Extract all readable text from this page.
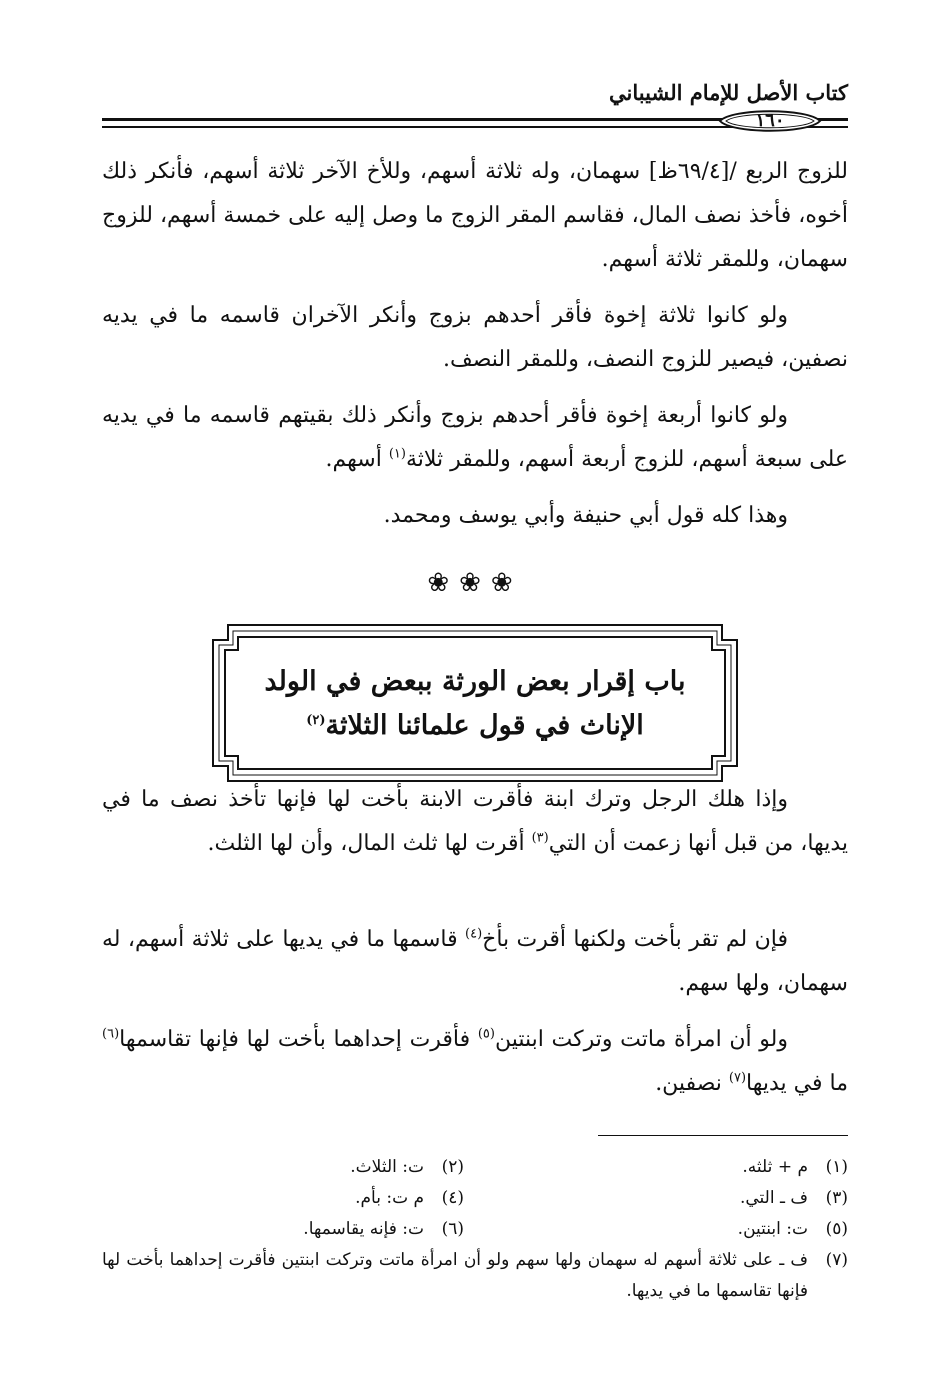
كتاب الأصل للإمام الشيباني
١٦٠

للزوج الربع /[٦٩/٤ظ] سهمان، وله ثلاثة أسهم، وللأخ الآخر ثلاثة أسهم، فأنكر ذلك أخوه، فأخذ نصف المال، فقاسم المقر الزوج ما وصل إليه على خمسة أسهم، للزوج سهمان، وللمقر ثلاثة أسهم.

ولو كانوا ثلاثة إخوة فأقر أحدهم بزوج وأنكر الآخران قاسمه ما في يديه نصفين، فيصير للزوج النصف، وللمقر النصف.

ولو كانوا أربعة إخوة فأقر أحدهم بزوج وأنكر ذلك بقيتهم قاسمه ما في يديه على سبعة أسهم، للزوج أربعة أسهم، وللمقر ثلاثة$^{(١)}$ أسهم.

وهذا كله قول أبي حنيفة وأبي يوسف ومحمد.

❀❀❀
باب إقرار بعض الورثة ببعض في الولد
الإناث في قول علمائنا الثلاثة$^{(٢)}$

وإذا هلك الرجل وترك ابنة فأقرت الابنة بأخت لها فإنها تأخذ نصف ما في يديها، من قبل أنها زعمت أن التي$^{(٣)}$ أقرت لها ثلث المال، وأن لها الثلث.

فإن لم تقر بأخت ولكنها أقرت بأخ$^{(٤)}$ قاسمها ما في يديها على ثلاثة أسهم، له سهمان، ولها سهم.

ولو أن امرأة ماتت وتركت ابنتين$^{(٥)}$ فأقرت إحداهما بأخت لها فإنها تقاسمها$^{(٦)}$ ما في يديها$^{(٧)}$ نصفين.

(١)م + ثلثه.
(٢)ت: الثلاث.
(٣)ف ـ التي.
(٤)م ت: بأم.
(٥)ت: ابنتين.
(٦)ت: فإنه يقاسمها.
(٧)
ف ـ على ثلاثة أسهم له سهمان ولها سهم ولو أن امرأة ماتت وتركت ابنتين فأقرت إحداهما بأخت لها فإنها تقاسمها ما في يديها.
